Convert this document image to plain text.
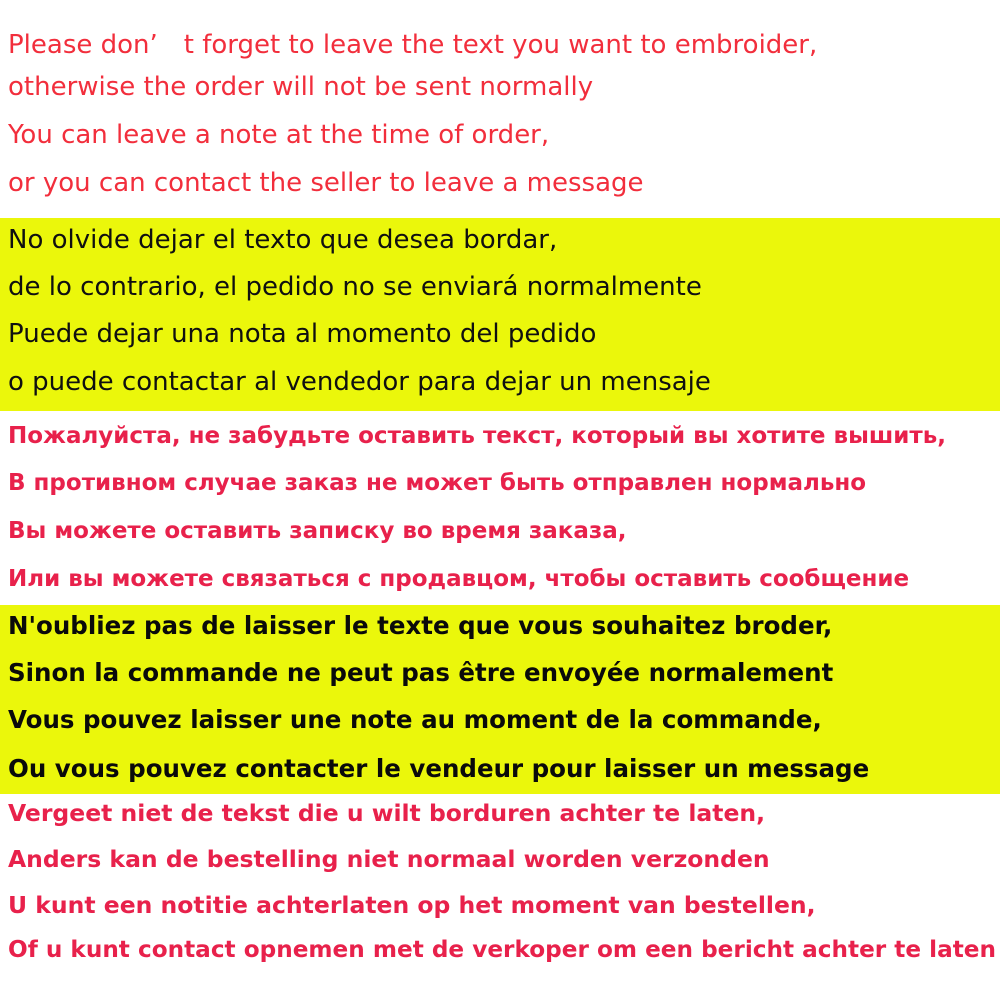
Please don’　t forget to leave the text you want to embroider,
otherwise the order will not be sent normally
You can leave a note at the time of order,
or you can contact the seller to leave a message
No olvide dejar el texto que desea bordar,
de lo contrario, el pedido no se enviará normalmente
Puede dejar una nota al momento del pedido
o puede contactar al vendedor para dejar un mensaje
Пожалуйста, не забудьте оставить текст, который вы хотите вышить,
В противном случае заказ не может быть отправлен нормально
Вы можете оставить записку во время заказа,
Или вы можете связаться с продавцом, чтобы оставить сообщение
N'oubliez pas de laisser le texte que vous souhaitez broder,
Sinon la commande ne peut pas être envoyée normalement
Vous pouvez laisser une note au moment de la commande,
Ou vous pouvez contacter le vendeur pour laisser un message
Vergeet niet de tekst die u wilt borduren achter te laten,
Anders kan de bestelling niet normaal worden verzonden
U kunt een notitie achterlaten op het moment van bestellen,
Of u kunt contact opnemen met de verkoper om een bericht achter te laten
